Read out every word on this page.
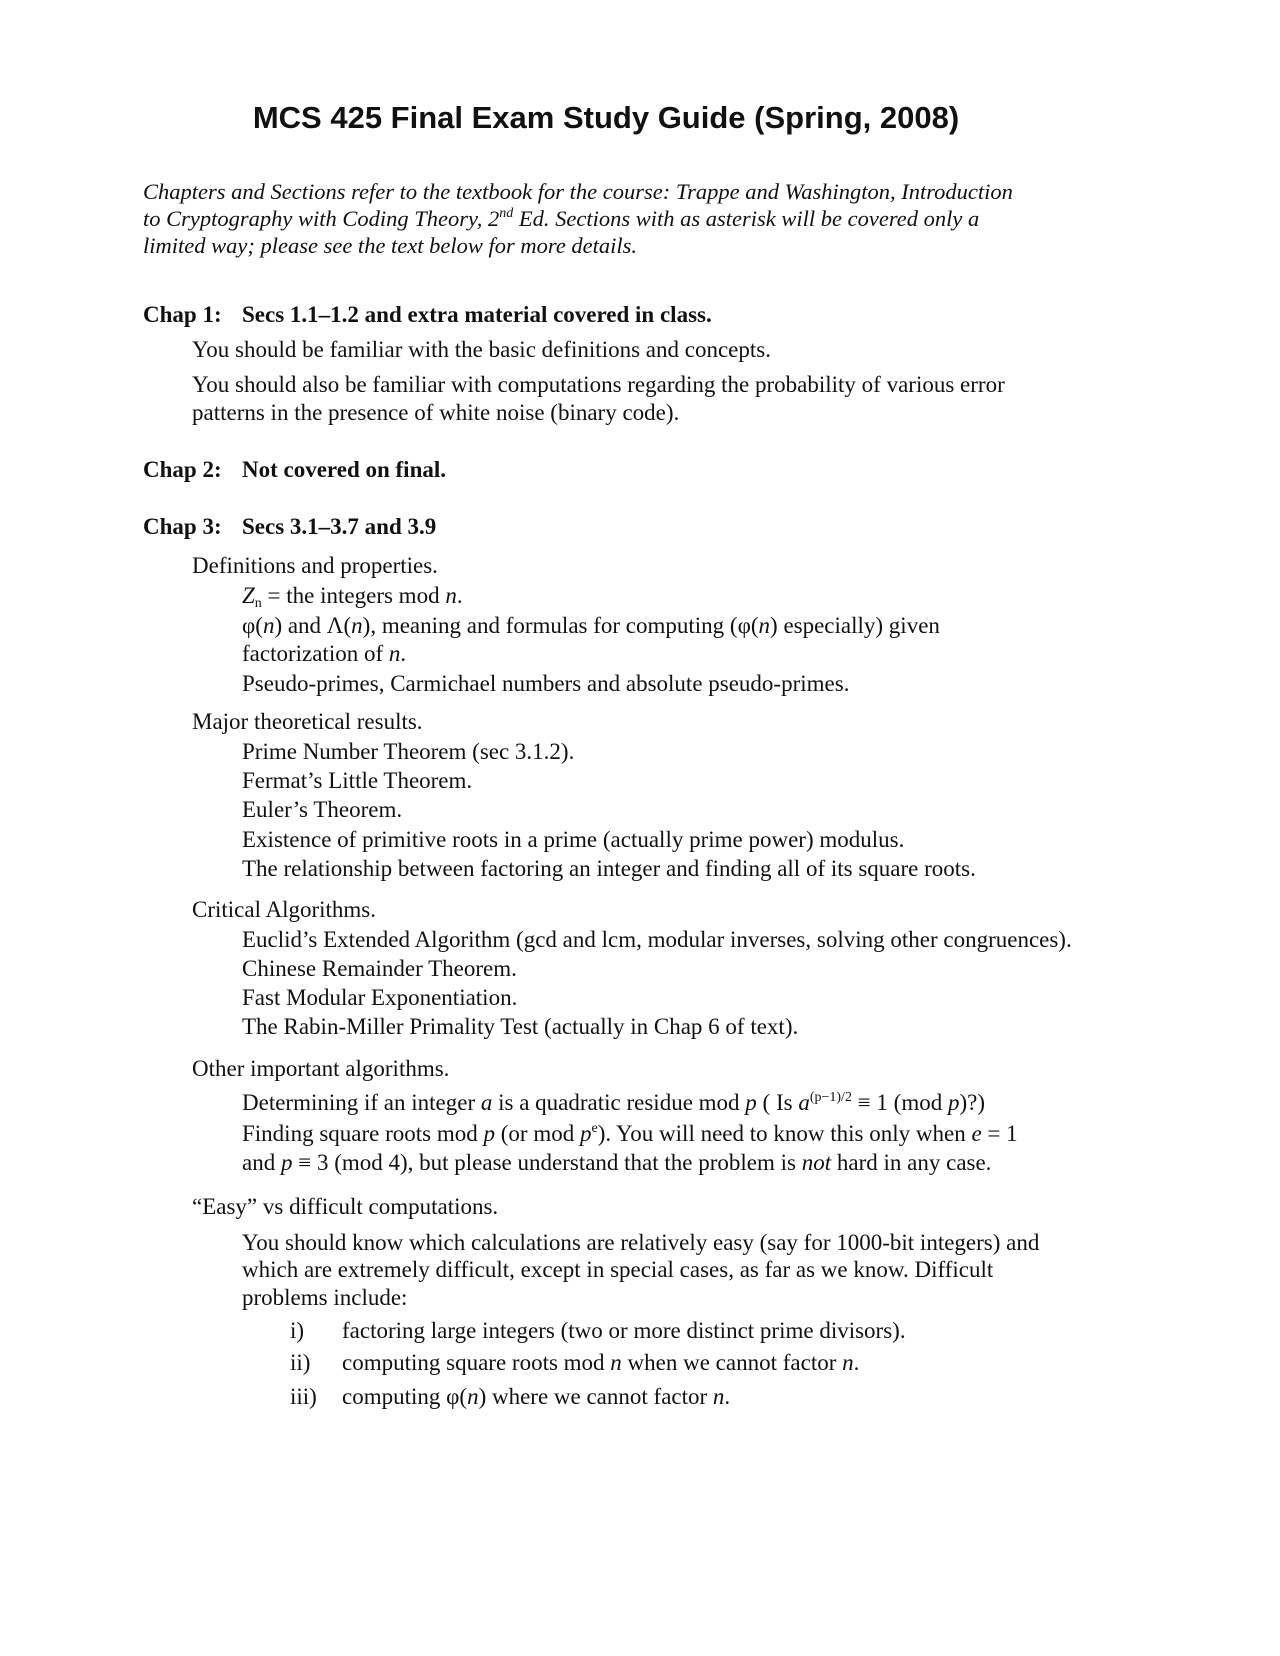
MCS 425 Final Exam Study Guide (Spring, 2008)
Chapters and Sections refer to the textbook for the course: Trappe and Washington, Introduction
to Cryptography with Coding Theory, 2nd Ed. Sections with as asterisk will be covered only a
limited way; please see the text below for more details.
Chap 1: Secs 1.1–1.2 and extra material covered in class.
You should be familiar with the basic definitions and concepts.
You should also be familiar with computations regarding the probability of various error
patterns in the presence of white noise (binary code).
Chap 2: Not covered on final.
Chap 3: Secs 3.1–3.7 and 3.9
Definitions and properties.
$Z_n$ = the integers mod n.
φ(n) and Λ(n), meaning and formulas for computing (φ(n) especially) given
factorization of n.
Pseudo-primes, Carmichael numbers and absolute pseudo-primes.
Major theoretical results.
Prime Number Theorem (sec 3.1.2).
Fermat’s Little Theorem.
Euler’s Theorem.
Existence of primitive roots in a prime (actually prime power) modulus.
The relationship between factoring an integer and finding all of its square roots.
Critical Algorithms.
Euclid’s Extended Algorithm (gcd and lcm, modular inverses, solving other congruences).
Chinese Remainder Theorem.
Fast Modular Exponentiation.
The Rabin-Miller Primality Test (actually in Chap 6 of text).
Other important algorithms.
Determining if an integer a is a quadratic residue mod p ( Is $a^{(p-1)/2} \equiv 1$ (mod p)?)
Finding square roots mod p (or mod $p^e$). You will need to know this only when e = 1
and p ≡ 3 (mod 4), but please understand that the problem is not hard in any case.
“Easy” vs difficult computations.
You should know which calculations are relatively easy (say for 1000-bit integers) and
which are extremely difficult, except in special cases, as far as we know. Difficult
problems include:
i) factoring large integers (two or more distinct prime divisors).
ii) computing square roots mod n when we cannot factor n.
iii) computing φ(n) where we cannot factor n.
